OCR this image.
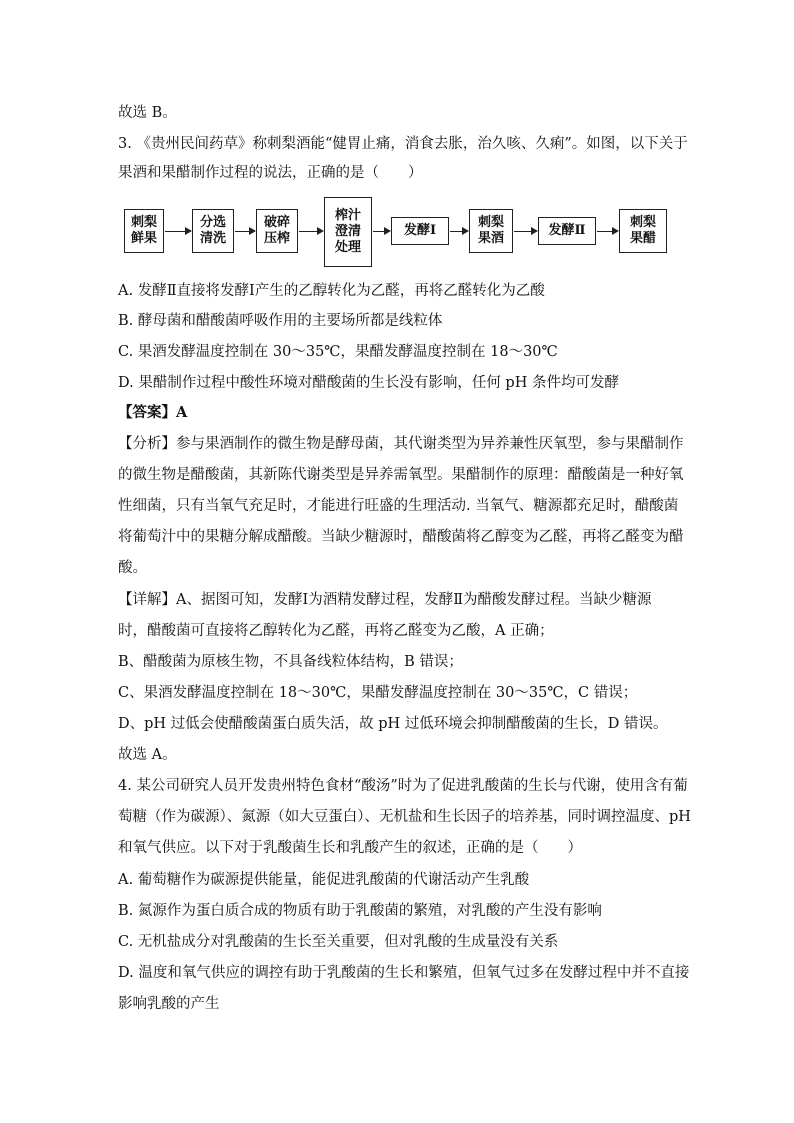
故选 B。
3. 《贵州民间药草》称刺梨酒能“健胃止痛，消食去胀，治久咳、久痢”。如图，以下关于
果酒和果醋制作过程的说法，正确的是（　　）
刺梨
鲜果
分选
清洗
破碎
压榨
榨汁
澄清
处理
发酵Ⅰ
刺梨
果酒
发酵Ⅱ
刺梨
果醋
A. 发酵Ⅱ直接将发酵Ⅰ产生的乙醇转化为乙醛，再将乙醛转化为乙酸
B. 酵母菌和醋酸菌呼吸作用的主要场所都是线粒体
C. 果酒发酵温度控制在 30～35℃，果醋发酵温度控制在 18～30℃
D. 果醋制作过程中酸性环境对醋酸菌的生长没有影响，任何 pH 条件均可发酵
【答案】A
【分析】参与果酒制作的微生物是酵母菌，其代谢类型为异养兼性厌氧型，参与果醋制作
的微生物是醋酸菌，其新陈代谢类型是异养需氧型。果醋制作的原理：醋酸菌是一种好氧
性细菌，只有当氧气充足时，才能进行旺盛的生理活动. 当氧气、糖源都充足时，醋酸菌
将葡萄汁中的果糖分解成醋酸。当缺少糖源时，醋酸菌将乙醇变为乙醛，再将乙醛变为醋
酸。
【详解】A、据图可知，发酵Ⅰ为酒精发酵过程，发酵Ⅱ为醋酸发酵过程。当缺少糖源
时，醋酸菌可直接将乙醇转化为乙醛，再将乙醛变为乙酸，A 正确；
B、醋酸菌为原核生物，不具备线粒体结构，B 错误；
C、果酒发酵温度控制在 18～30℃，果醋发酵温度控制在 30～35℃，C 错误；
D、pH 过低会使醋酸菌蛋白质失活，故 pH 过低环境会抑制醋酸菌的生长，D 错误。
故选 A。
4. 某公司研究人员开发贵州特色食材“酸汤”时为了促进乳酸菌的生长与代谢，使用含有葡
萄糖（作为碳源）、氮源（如大豆蛋白）、无机盐和生长因子的培养基，同时调控温度、pH
和氧气供应。以下对于乳酸菌生长和乳酸产生的叙述，正确的是（　　）
A. 葡萄糖作为碳源提供能量，能促进乳酸菌的代谢活动产生乳酸
B. 氮源作为蛋白质合成的物质有助于乳酸菌的繁殖，对乳酸的产生没有影响
C. 无机盐成分对乳酸菌的生长至关重要，但对乳酸的生成量没有关系
D. 温度和氧气供应的调控有助于乳酸菌的生长和繁殖，但氧气过多在发酵过程中并不直接
影响乳酸的产生
